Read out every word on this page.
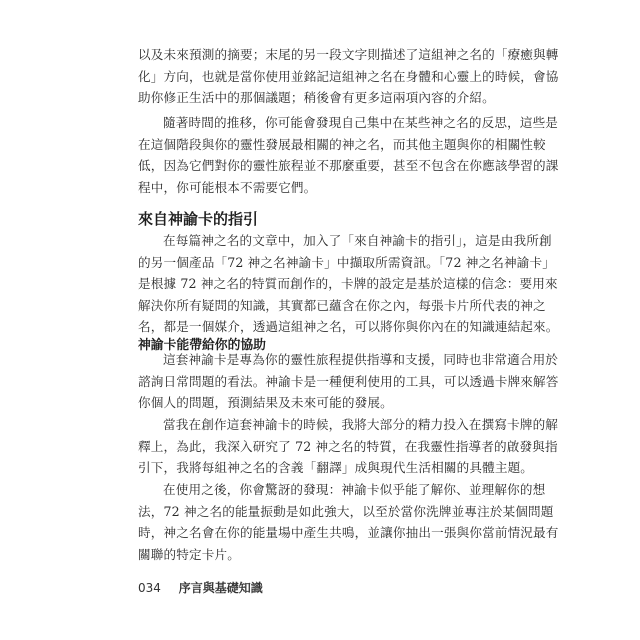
以及未來預測的摘要；末尾的另一段文字則描述了這組神之名的「療癒與轉
化」方向，也就是當你使用並銘記這組神之名在身體和心靈上的時候，會協
助你修正生活中的那個議題；稍後會有更多這兩項內容的介紹。

隨著時間的推移，你可能會發現自己集中在某些神之名的反思，這些是
在這個階段與你的靈性發展最相關的神之名，而其他主題與你的相關性較
低，因為它們對你的靈性旅程並不那麼重要，甚至不包含在你應該學習的課
程中，你可能根本不需要它們。

來自神諭卡的指引

在每篇神之名的文章中，加入了「來自神諭卡的指引」，這是由我所創
的另一個產品「72 神之名神諭卡」中擷取所需資訊。「72 神之名神諭卡」
是根據 72 神之名的特質而創作的，卡牌的設定是基於這樣的信念：要用來
解決你所有疑問的知識，其實都已蘊含在你之內，每張卡片所代表的神之
名，都是一個媒介，透過這組神之名，可以將你與你內在的知識連結起來。

神諭卡能帶給你的協助

這套神諭卡是專為你的靈性旅程提供指導和支援，同時也非常適合用於
諮詢日常問題的看法。神諭卡是一種便利使用的工具，可以透過卡牌來解答
你個人的問題，預測結果及未來可能的發展。

當我在創作這套神諭卡的時候，我將大部分的精力投入在撰寫卡牌的解
釋上，為此，我深入研究了 72 神之名的特質，在我靈性指導者的啟發與指
引下，我將每組神之名的含義「翻譯」成與現代生活相關的具體主題。

在使用之後，你會驚訝的發現：神諭卡似乎能了解你、並理解你的想
法，72 神之名的能量振動是如此強大，以至於當你洗牌並專注於某個問題
時，神之名會在你的能量場中產生共鳴，並讓你抽出一張與你當前情況最有
關聯的特定卡片。

034 序言與基礎知識
